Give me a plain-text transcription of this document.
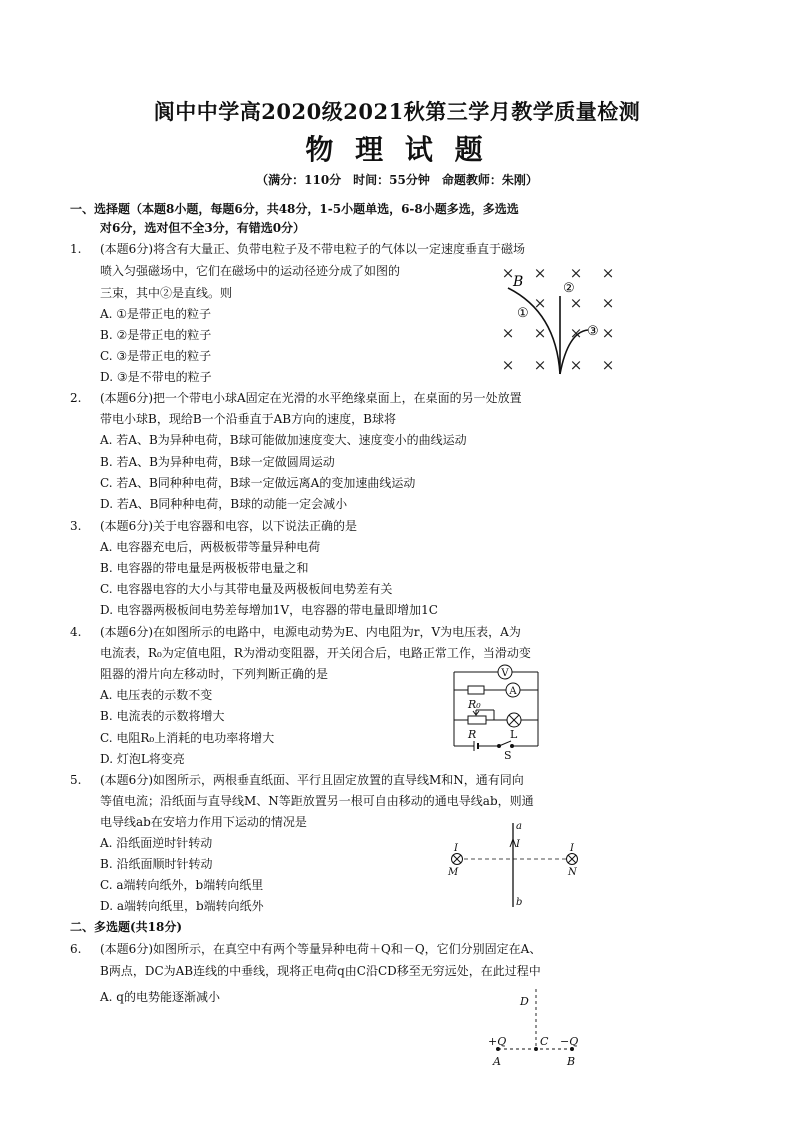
阆中中学高2020级2021秋第三学月教学质量检测
物 理 试 题
（满分：110分　时间：55分钟　命题教师：朱刚）
一、选择题（本题8小题，每题6分，共48分，1-5小题单选，6-8小题多选，多选选
对6分，选对但不全3分，有错选0分）
1. (本题6分)将含有大量正、负带电粒子及不带电粒子的气体以一定速度垂直于磁场
喷入匀强磁场中，它们在磁场中的运动径迹分成了如图的
三束，其中②是直线。则
A. ①是带正电的粒子
B. ②是带正电的粒子
C. ③是带正电的粒子
D. ③是不带电的粒子
× × × ×
× × ×
× × × ×
× × × ×
B
①
②
③
2. (本题6分)把一个带电小球A固定在光滑的水平绝缘桌面上，在桌面的另一处放置
带电小球B，现给B一个沿垂直于AB方向的速度，B球将
A. 若A、B为异种电荷，B球可能做加速度变大、速度变小的曲线运动
B. 若A、B为异种电荷，B球一定做圆周运动
C. 若A、B同种种电荷，B球一定做远离A的变加速曲线运动
D. 若A、B同种种电荷，B球的动能一定会减小
3. (本题6分)关于电容器和电容，以下说法正确的是
A. 电容器充电后，两极板带等量异种电荷
B. 电容器的带电量是两极板带电量之和
C. 电容器电容的大小与其带电量及两极板间电势差有关
D. 电容器两极板间电势差每增加1V，电容器的带电量即增加1C
4. (本题6分)在如图所示的电路中，电源电动势为E、内电阻为r，V为电压表，A为
电流表，R₀为定值电阻，R为滑动变阻器，开关闭合后，电路正常工作，当滑动变
阻器的滑片向左移动时，下列判断正确的是
A. 电压表的示数不变
B. 电流表的示数将增大
C. 电阻R₀上消耗的电功率将增大
D. 灯泡L将变亮
V
A
R₀
R	L
S
5. (本题6分)如图所示，两根垂直纸面、平行且固定放置的直导线M和N，通有同向
等值电流；沿纸面与直导线M、N等距放置另一根可自由移动的通电导线ab，则通
电导线ab在安培力作用下运动的情况是
A. 沿纸面逆时针转动
B. 沿纸面顺时针转动
C. a端转向纸外，b端转向纸里
D. a端转向纸里，b端转向纸外
a
I
b
I
M
I
N
二、多选题(共18分)
6. (本题6分)如图所示，在真空中有两个等量异种电荷＋Q和－Q，它们分别固定在A、
B两点，DC为AB连线的中垂线，现将正电荷q由C沿CD移至无穷远处，在此过程中
A. q的电势能逐渐减小	D
C
+Q	−Q
A	B
